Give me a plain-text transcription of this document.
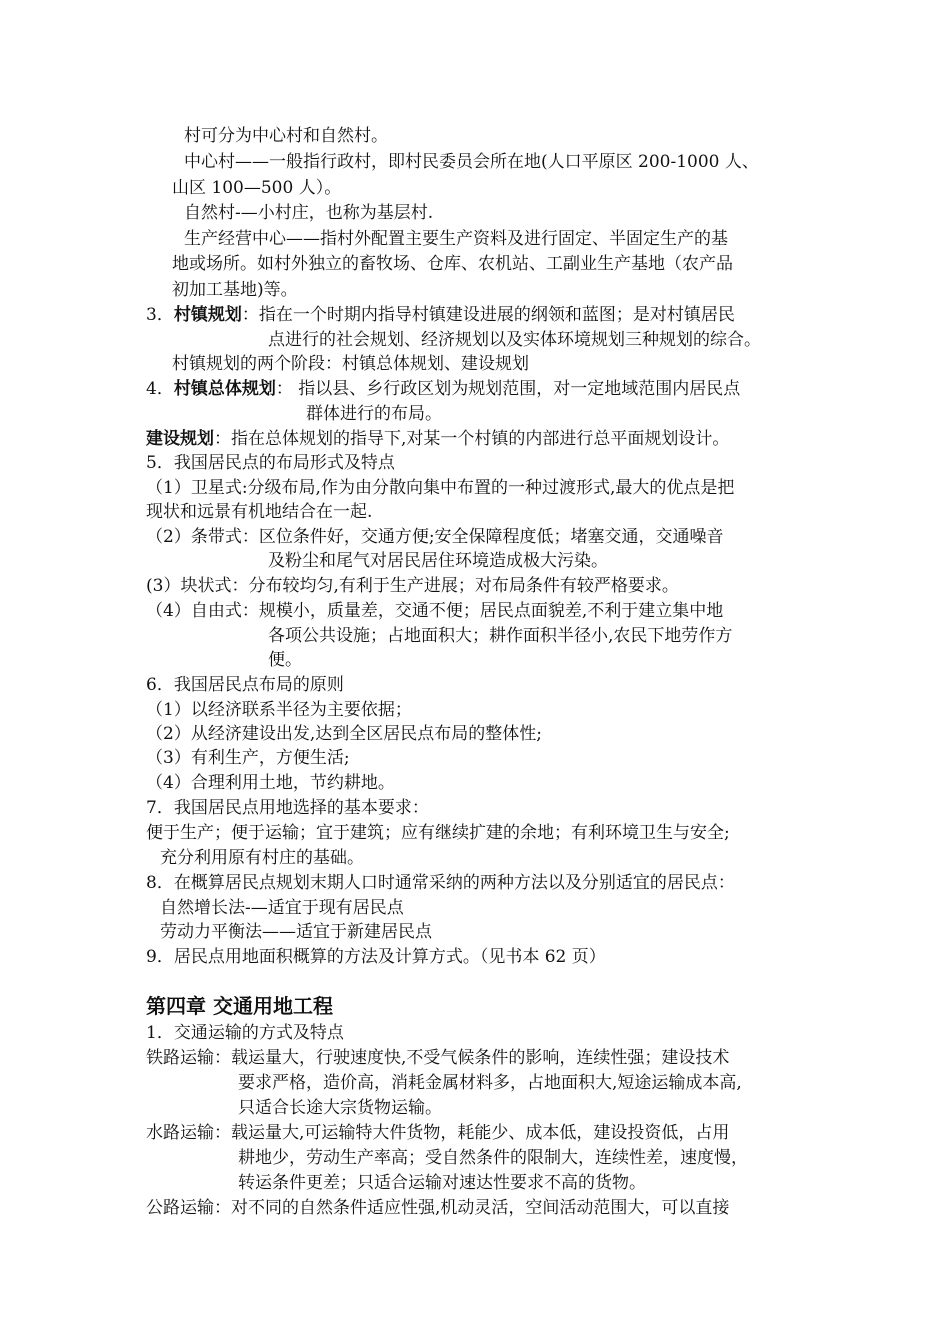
村可分为中心村和自然村。
中心村——一般指行政村，即村民委员会所在地(人口平原区 200-1000 人、
山区 100—500 人）。
自然村-—小村庄，也称为基层村.
生产经营中心——指村外配置主要生产资料及进行固定、半固定生产的基
地或场所。如村外独立的畜牧场、仓库、农机站、工副业生产基地（农产品
初加工基地)等。
3．村镇规划：指在一个时期内指导村镇建设进展的纲领和蓝图；是对村镇居民
点进行的社会规划、经济规划以及实体环境规划三种规划的综合。
村镇规划的两个阶段：村镇总体规划、建设规划
4．村镇总体规划： 指以县、乡行政区划为规划范围，对一定地域范围内居民点
群体进行的布局。
建设规划：指在总体规划的指导下,对某一个村镇的内部进行总平面规划设计。
5．我国居民点的布局形式及特点
（1）卫星式:分级布局,作为由分散向集中布置的一种过渡形式,最大的优点是把
现状和远景有机地结合在一起.
（2）条带式：区位条件好，交通方便;安全保障程度低；堵塞交通，交通噪音
及粉尘和尾气对居民居住环境造成极大污染。
(3）块状式：分布较均匀,有利于生产进展；对布局条件有较严格要求。
（4）自由式：规模小，质量差，交通不便；居民点面貌差,不利于建立集中地
各项公共设施；占地面积大；耕作面积半径小,农民下地劳作方
便。
6．我国居民点布局的原则
（1）以经济联系半径为主要依据；
（2）从经济建设出发,达到全区居民点布局的整体性;
（3）有利生产，方便生活;
（4）合理利用土地，节约耕地。
7．我国居民点用地选择的基本要求：
便于生产；便于运输；宜于建筑；应有继续扩建的余地；有利环境卫生与安全;
充分利用原有村庄的基础。
8．在概算居民点规划末期人口时通常采纳的两种方法以及分别适宜的居民点：
自然增长法-—适宜于现有居民点
劳动力平衡法——适宜于新建居民点
9．居民点用地面积概算的方法及计算方式。（见书本 62 页）
第四章 交通用地工程
1．交通运输的方式及特点
铁路运输：载运量大，行驶速度快,不受气候条件的影响，连续性强；建设技术
要求严格，造价高，消耗金属材料多，占地面积大,短途运输成本高,
只适合长途大宗货物运输。
水路运输：载运量大,可运输特大件货物，耗能少、成本低，建设投资低，占用
耕地少，劳动生产率高；受自然条件的限制大，连续性差，速度慢，
转运条件更差；只适合运输对速达性要求不高的货物。
公路运输：对不同的自然条件适应性强,机动灵活，空间活动范围大，可以直接
